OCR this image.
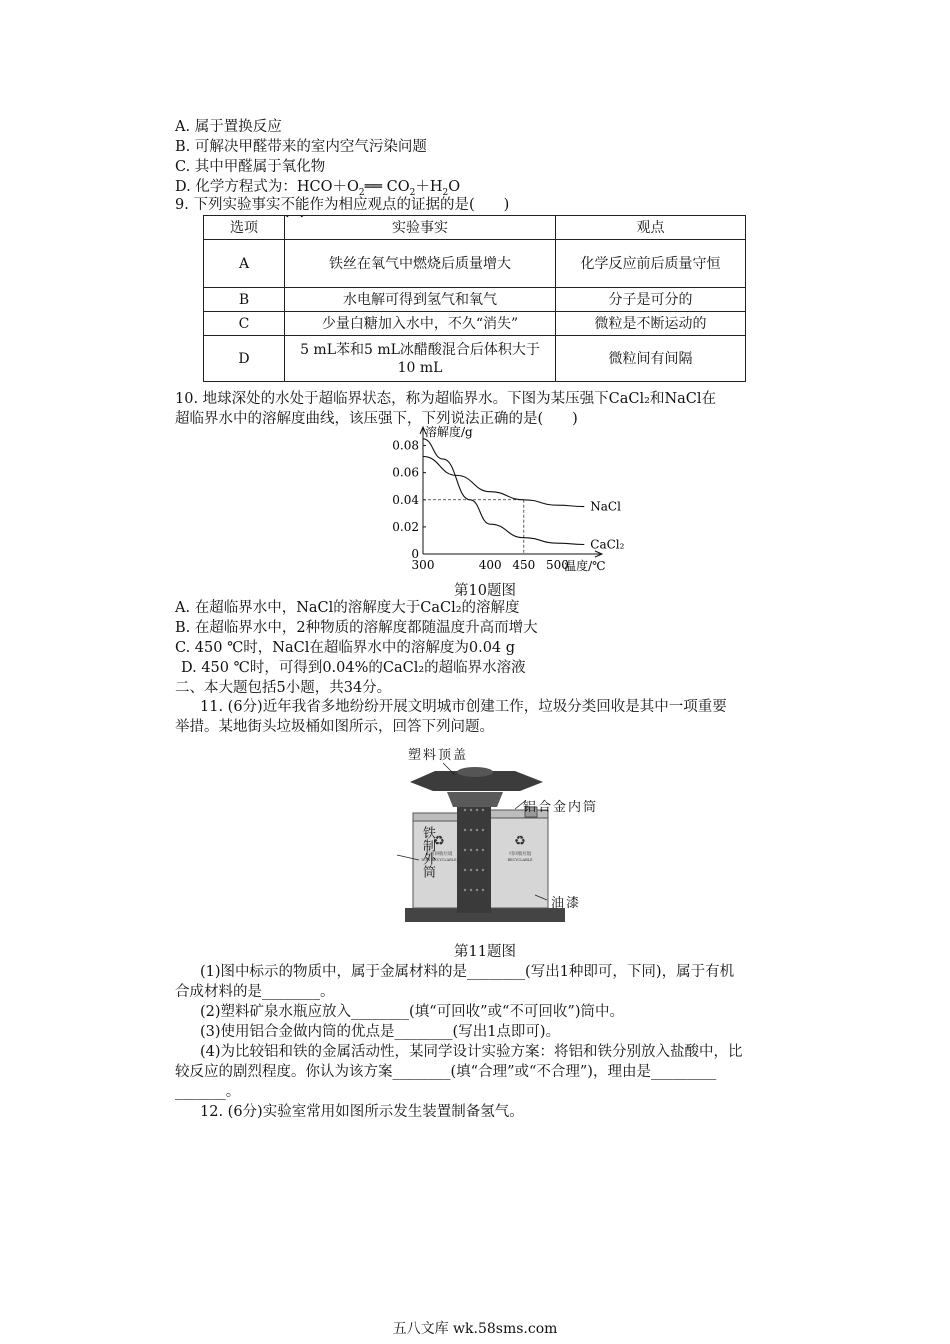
A. 属于置换反应
B. 可解决甲醛带来的室内空气污染问题
C. 其中甲醛属于氧化物
D. 化学方程式为：$HCO+O_2══$ $CO_2+H_2O$
9. 下列实验事实不能作为相应观点的证据的是(　　)
选项	实验事实	观点
A	铁丝在氧气中燃烧后质量增大	化学反应前后质量守恒
B	水电解可得到氢气和氧气	分子是可分的
C	少量白糖加入水中，不久“消失”	微粒是不断运动的
D	5 mL苯和5 mL冰醋酸混合后体积大于10 mL	微粒间有间隔
10. 地球深处的水处于超临界状态，称为超临界水。下图为某压强下CaCl₂和NaCl在
超临界水中的溶解度曲线，该压强下，下列说法正确的是(　　)
0
0.02
0.04
0.06
0.08
300	400 450 500
溶解度/g
温度/℃
NaCl
CaCl₂
第10题图
A. 在超临界水中，NaCl的溶解度大于CaCl₂的溶解度
B. 在超临界水中，2种物质的溶解度都随温度升高而增大
C. 450 ℃时，NaCl在超临界水中的溶解度为0.04 g
D. 450 ℃时，可得到0.04%的CaCl₂的超临界水溶液
二、本大题包括5小题，共34分。
11. (6分)近年我省多地纷纷开展文明城市创建工作，垃圾分类回收是其中一项重要
举措。某地街头垃圾桶如图所示，回答下列问题。
♻
不可回收垃圾
NON-RECYCLABLE
♻
可回收垃圾
RECYCLABLE
塑料顶盖
铝合金内筒
铁制外筒
油漆
第11题图
(1)图中标示的物质中，属于金属材料的是________(写出1种即可，下同)，属于有机
合成材料的是________。
(2)塑料矿泉水瓶应放入________(填“可回收”或“不可回收”)筒中。
(3)使用铝合金做内筒的优点是________(写出1点即可)。
(4)为比较铝和铁的金属活动性，某同学设计实验方案：将铝和铁分别放入盐酸中，比
较反应的剧烈程度。你认为该方案________(填“合理”或“不合理”)，理由是_________
_______。
12. (6分)实验室常用如图所示发生装置制备氢气。
五八文库 wk.58sms.com
